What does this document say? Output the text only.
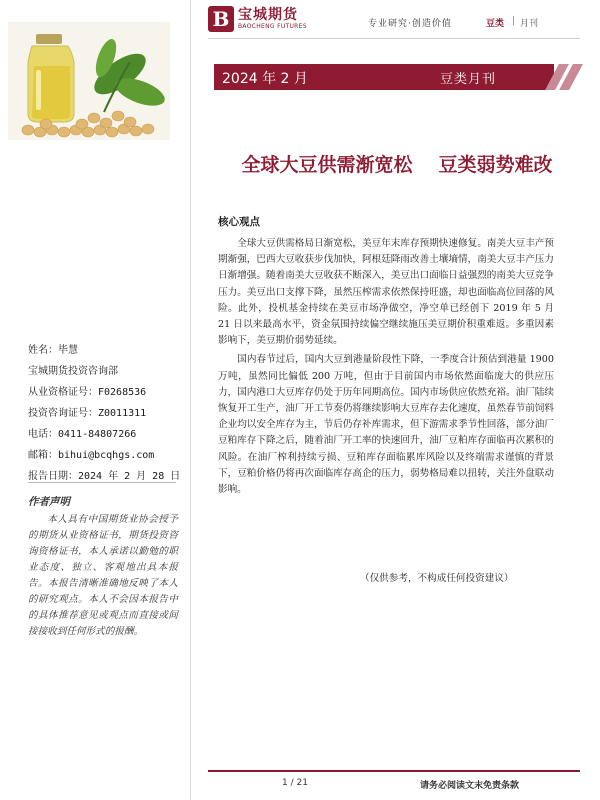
姓名：毕慧
宝城期货投资咨询部
从业资格证号：F0268536
投资咨询证号：Z0011311
电话：0411-84807266
邮箱：bihui@bcqhgs.com
报告日期：2024 年 2 月 28 日
作者声明
本人具有中国期货业协会授予的期货从业资格证书，期货投资咨询资格证书，本人承诺以勤勉的职业态度、独立、客观地出具本报告。本报告清晰准确地反映了本人的研究观点。本人不会因本报告中的具体推荐意见或观点而直接或间接接收到任何形式的报酬。
B 宝城期货
BAOCHENG FUTURES	专业研究·创造价值	豆类 | 月刊
2024 年 2 月	豆类月刊
全球大豆供需渐宽松 豆类弱势难改
核心观点

全球大豆供需格局日渐宽松，美豆年末库存预期快速修复。南美大豆丰产预期渐强，巴西大豆收获步伐加快，阿根廷降雨改善土壤墒情，南美大豆丰产压力日渐增强。随着南美大豆收获不断深入，美豆出口面临日益强烈的南美大豆竞争压力。美豆出口支撑下降，虽然压榨需求依然保持旺盛，却也面临高位回落的风险。此外，投机基金持续在美豆市场净做空，净空单已经创下 2019 年 5 月 21 日以来最高水平，资金氛围持续偏空继续施压美豆期价积重难返。多重因素影响下，美豆期价弱势延续。

国内春节过后，国内大豆到港量阶段性下降，一季度合计预估到港量 1900 万吨，虽然同比偏低 200 万吨，但由于目前国内市场依然面临庞大的供应压力，国内港口大豆库存仍处于历年同期高位。国内市场供应依然充裕。油厂陆续恢复开工生产，油厂开工节奏仍将继续影响大豆库存去化速度，虽然春节前饲料企业均以安全库存为主，节后仍存补库需求，但下游需求季节性回落，部分油厂豆粕库存下降之后，随着油厂开工率的快速回升，油厂豆粕库存面临再次累积的风险。在油厂榨利持续亏损、豆粕库存面临累库风险以及终端需求谨慎的背景下，豆粕价格仍将再次面临库存高企的压力，弱势格局难以扭转，关注外盘联动影响。

（仅供参考，不构成任何投资建议）
1 / 21	请务必阅读文末免责条款
